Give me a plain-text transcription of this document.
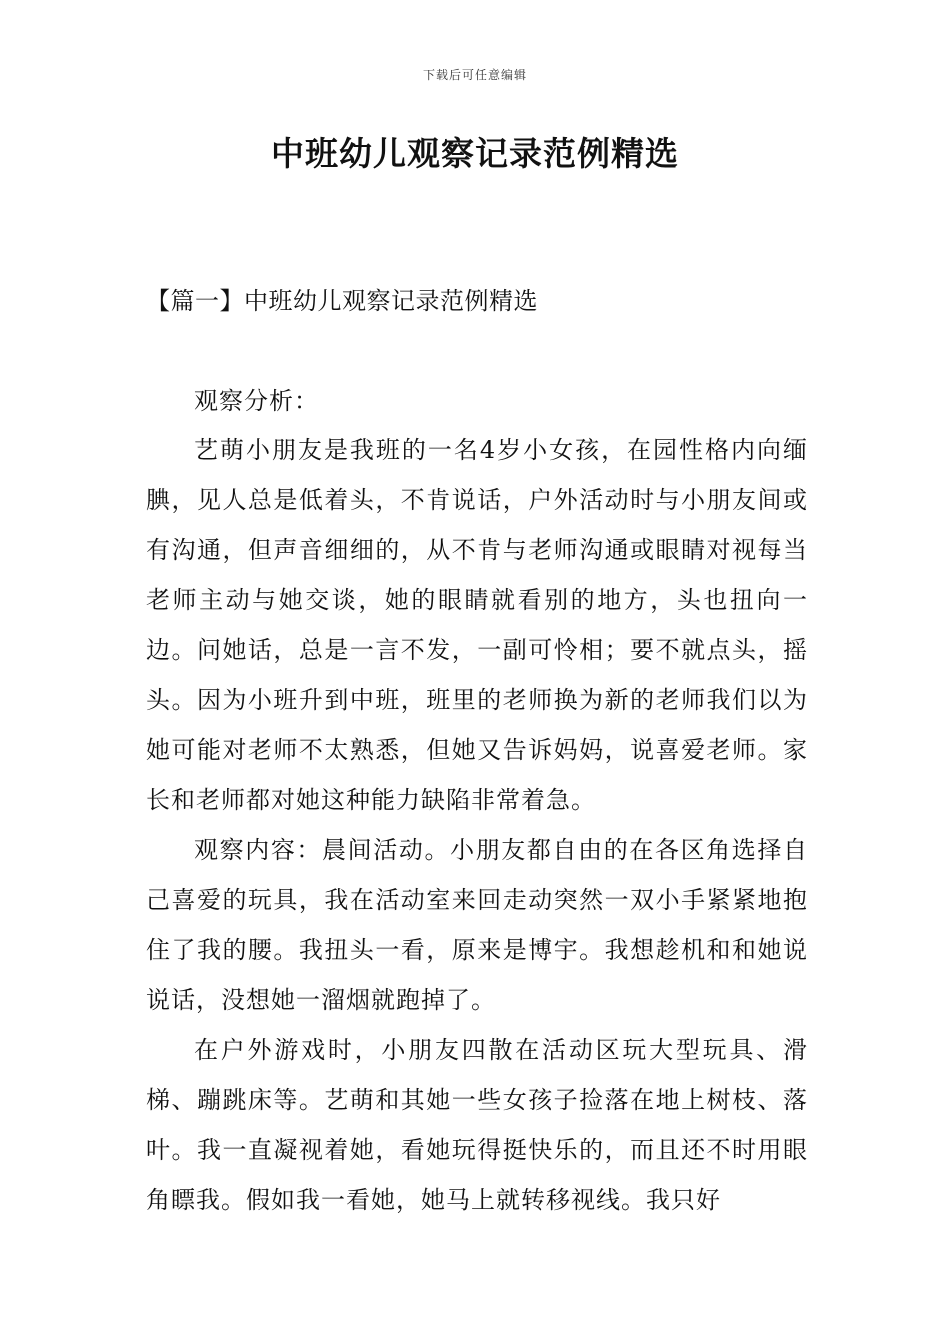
下载后可任意编辑
中班幼儿观察记录范例精选
【篇一】中班幼儿观察记录范例精选

观察分析：

艺萌小朋友是我班的一名4岁小女孩，在园性格内向缅腆，见人总是低着头，不肯说话，户外活动时与小朋友间或有沟通，但声音细细的，从不肯与老师沟通或眼睛对视每当老师主动与她交谈，她的眼睛就看别的地方，头也扭向一边。问她话，总是一言不发，一副可怜相；要不就点头，摇头。因为小班升到中班，班里的老师换为新的老师我们以为她可能对老师不太熟悉，但她又告诉妈妈，说喜爱老师。家长和老师都对她这种能力缺陷非常着急。

观察内容：晨间活动。小朋友都自由的在各区角选择自己喜爱的玩具，我在活动室来回走动突然一双小手紧紧地抱住了我的腰。我扭头一看，原来是博宇。我想趁机和和她说说话，没想她一溜烟就跑掉了。

在户外游戏时，小朋友四散在活动区玩大型玩具、滑梯、蹦跳床等。艺萌和其她一些女孩子捡落在地上树枝、落叶。我一直凝视着她，看她玩得挺快乐的，而且还不时用眼角瞟我。假如我一看她，她马上就转移视线。我只好
